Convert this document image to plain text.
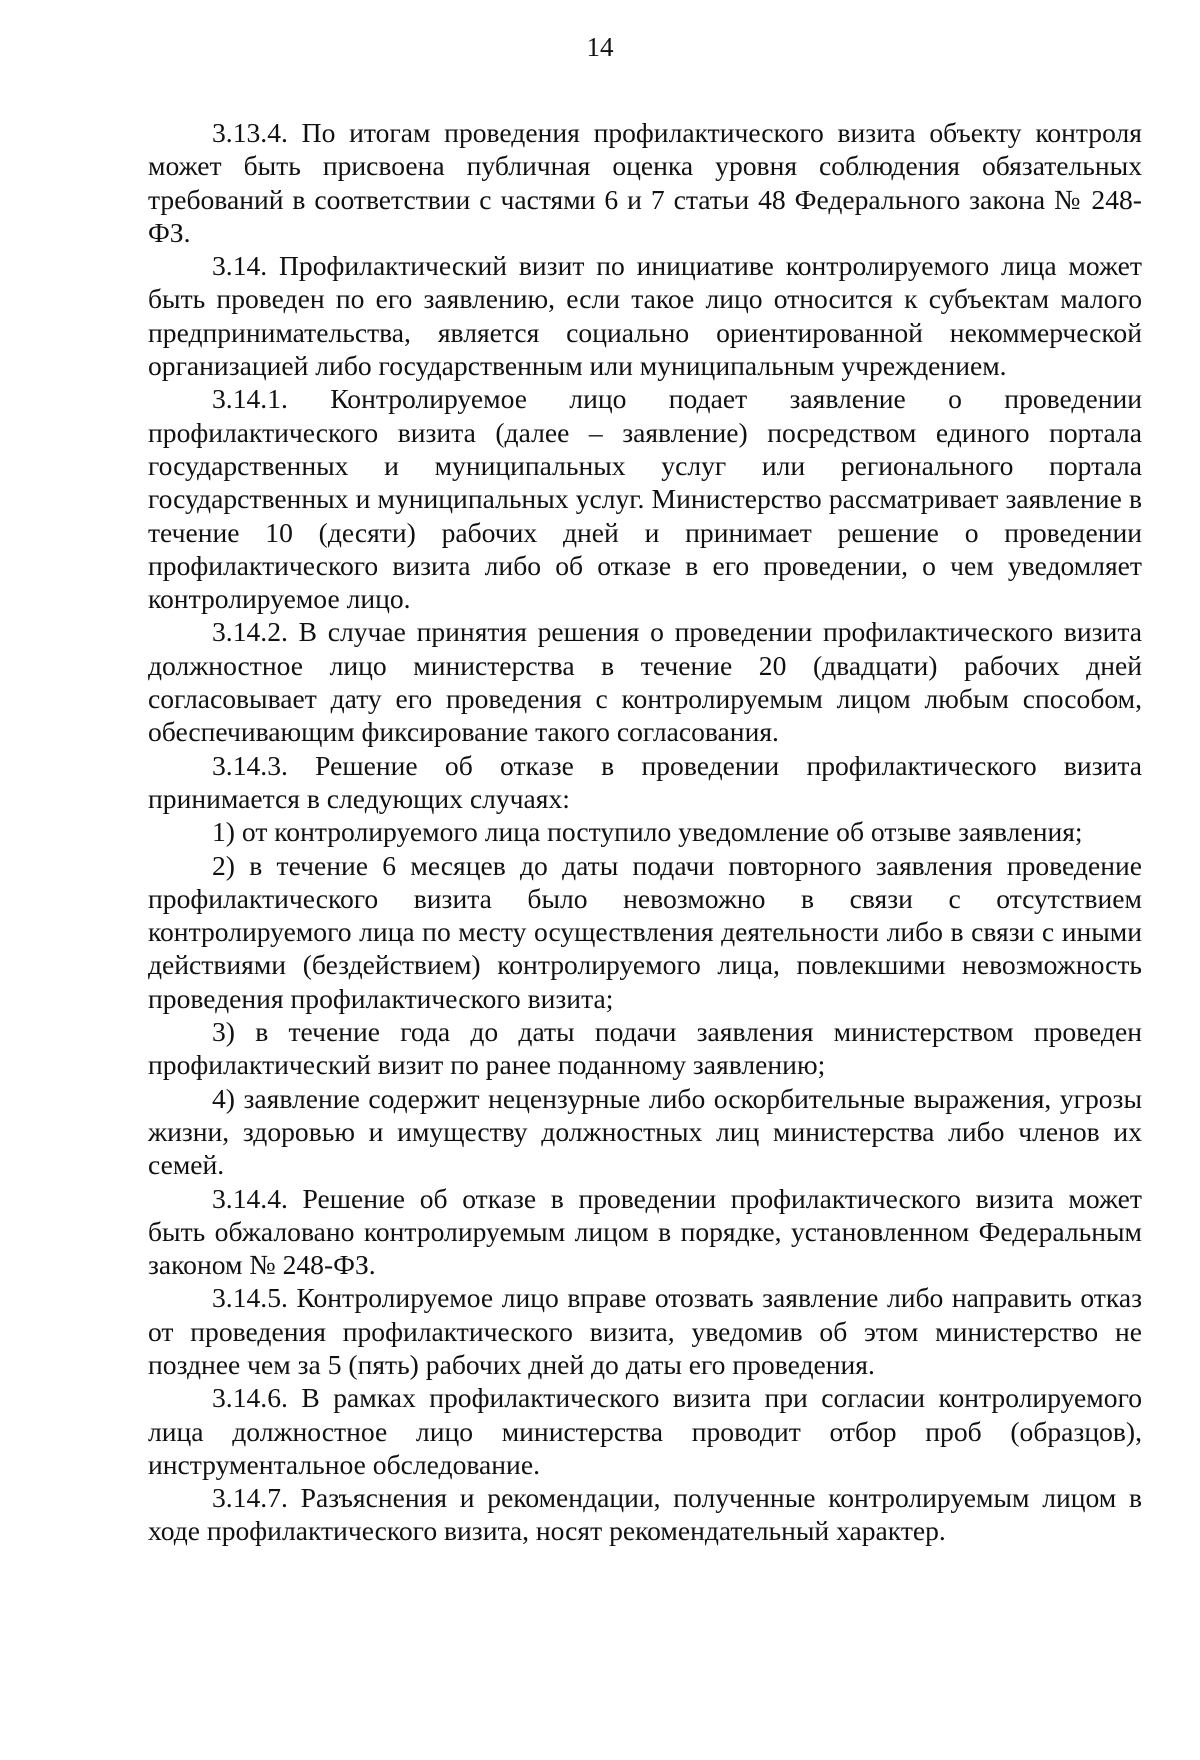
14

3.13.4. По итогам проведения профилактического визита объекту контроля может быть присвоена публичная оценка уровня соблюдения обязательных требований в соответствии с частями 6 и 7 статьи 48 Федерального закона № 248-ФЗ.

3.14. Профилактический визит по инициативе контролируемого лица может быть проведен по его заявлению, если такое лицо относится к субъектам малого предпринимательства, является социально ориентированной некоммерческой организацией либо государственным или муниципальным учреждением.

3.14.1. Контролируемое лицо подает заявление о проведении профилактического визита (далее – заявление) посредством единого портала государственных и муниципальных услуг или регионального портала государственных и муниципальных услуг. Министерство рассматривает заявление в течение 10 (десяти) рабочих дней и принимает решение о проведении профилактического визита либо об отказе в его проведении, о чем уведомляет контролируемое лицо.

3.14.2. В случае принятия решения о проведении профилактического визита должностное лицо министерства в течение 20 (двадцати) рабочих дней согласовывает дату его проведения с контролируемым лицом любым способом, обеспечивающим фиксирование такого согласования.

3.14.3. Решение об отказе в проведении профилактического визита принимается в следующих случаях:

1) от контролируемого лица поступило уведомление об отзыве заявления;

2) в течение 6 месяцев до даты подачи повторного заявления проведение профилактического визита было невозможно в связи с отсутствием контролируемого лица по месту осуществления деятельности либо в связи с иными действиями (бездействием) контролируемого лица, повлекшими невозможность проведения профилактического визита;

3) в течение года до даты подачи заявления министерством проведен профилактический визит по ранее поданному заявлению;

4) заявление содержит нецензурные либо оскорбительные выражения, угрозы жизни, здоровью и имуществу должностных лиц министерства либо членов их семей.

3.14.4. Решение об отказе в проведении профилактического визита может быть обжаловано контролируемым лицом в порядке, установленном Федеральным законом № 248-ФЗ.

3.14.5. Контролируемое лицо вправе отозвать заявление либо направить отказ от проведения профилактического визита, уведомив об этом министерство не позднее чем за 5 (пять) рабочих дней до даты его проведения.

3.14.6. В рамках профилактического визита при согласии контролируемого лица должностное лицо министерства проводит отбор проб (образцов), инструментальное обследование.

3.14.7. Разъяснения и рекомендации, полученные контролируемым лицом в ходе профилактического визита, носят рекомендательный характер.
